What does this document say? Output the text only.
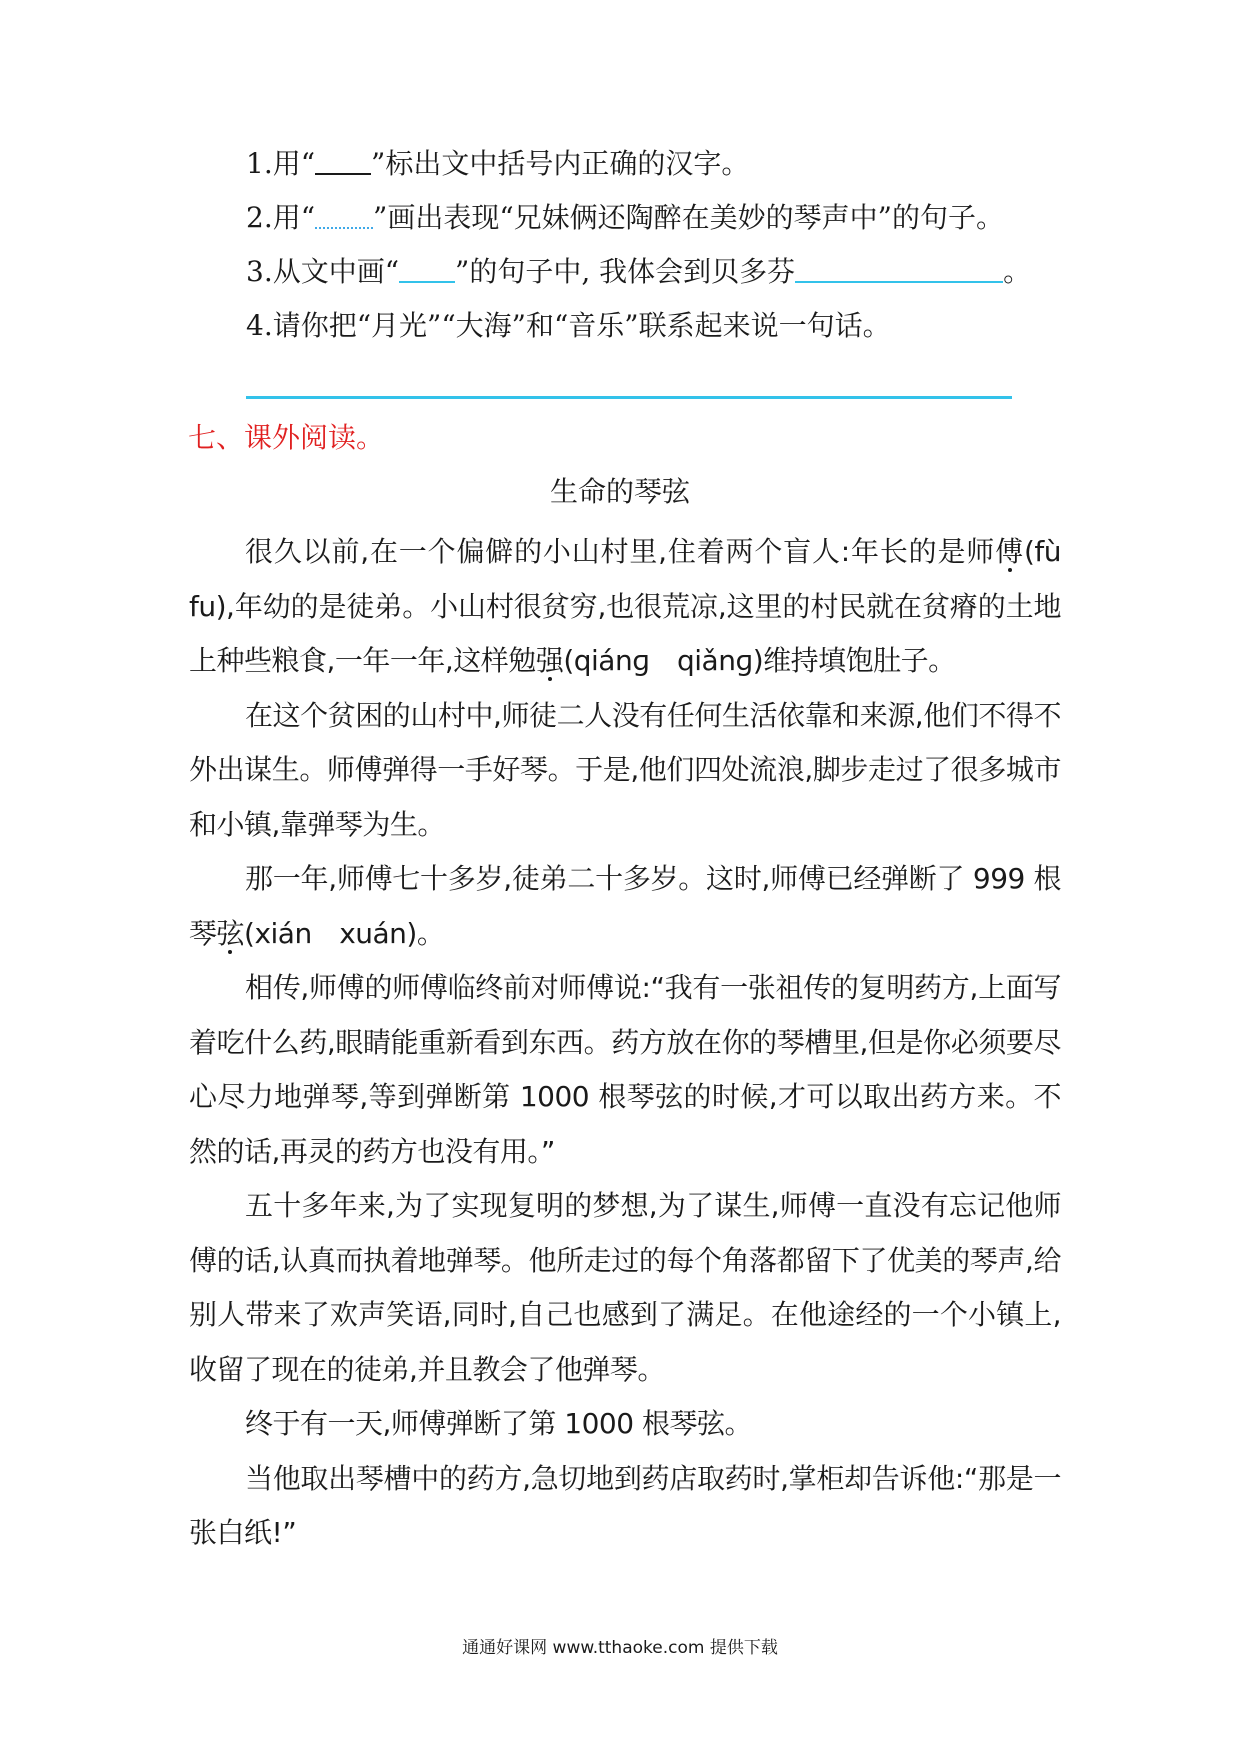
1.用“ ”标出文中括号内正确的汉字。
2.用“ ”画出表现“兄妹俩还陶醉在美妙的琴声中”的句子。
3.从文中画“ ”的句子中, 我体会到贝多芬	。
4.请你把“月光”“大海”和“音乐”联系起来说一句话。
七、课外阅读。
生命的琴弦

很久以前,在一个偏僻的小山村里,住着两个盲人:年长的是师傅(fù　fu),年幼的是徒弟。小山村很贫穷,也很荒凉,这里的村民就在贫瘠的土地上种些粮食,一年一年,这样勉强(qiánɡ　qiǎnɡ)维持填饱肚子。

在这个贫困的山村中,师徒二人没有任何生活依靠和来源,他们不得不外出谋生。师傅弹得一手好琴。于是,他们四处流浪,脚步走过了很多城市和小镇,靠弹琴为生。

那一年,师傅七十多岁,徒弟二十多岁。这时,师傅已经弹断了 999 根琴弦(xián　xuán)。

相传,师傅的师傅临终前对师傅说:“我有一张祖传的复明药方,上面写着吃什么药,眼睛能重新看到东西。药方放在你的琴槽里,但是你必须要尽心尽力地弹琴,等到弹断第 1000 根琴弦的时候,才可以取出药方来。不然的话,再灵的药方也没有用。”

五十多年来,为了实现复明的梦想,为了谋生,师傅一直没有忘记他师傅的话,认真而执着地弹琴。他所走过的每个角落都留下了优美的琴声,给别人带来了欢声笑语,同时,自己也感到了满足。在他途经的一个小镇上,收留了现在的徒弟,并且教会了他弹琴。

终于有一天,师傅弹断了第 1000 根琴弦。

当他取出琴槽中的药方,急切地到药店取药时,掌柜却告诉他:“那是一张白纸!”

通通好课网 www.tthaoke.com 提供下载
